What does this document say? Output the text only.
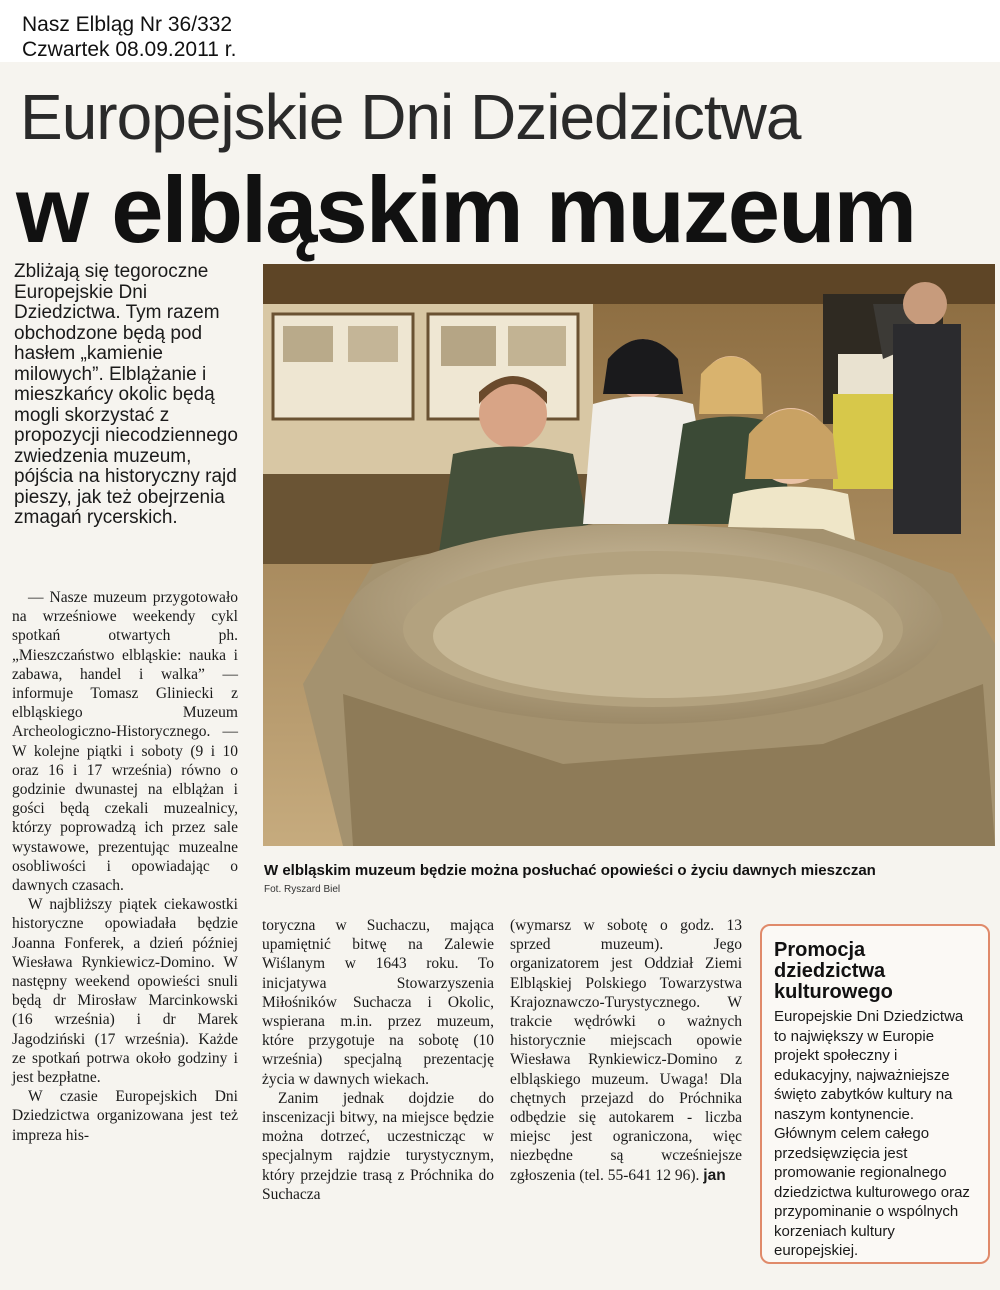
Nasz Elbląg Nr 36/332
Czwartek 08.09.2011 r.
Europejskie Dni Dziedzictwa
w elbląskim muzeum
Zbliżają się tegoroczne Europejskie Dni Dziedzictwa. Tym razem obchodzone będą pod hasłem „kamienie milowych”. Elblążanie i mieszkańcy okolic będą mogli skorzystać z propozycji niecodziennego zwiedzenia muzeum, pójścia na historyczny rajd pieszy, jak też obejrzenia zmagań rycerskich.
W elbląskim muzeum będzie można posłuchać opowieści o życiu dawnych mieszczan
Fot. Ryszard Biel

— Nasze muzeum przygotowało na wrześniowe weekendy cykl spotkań otwartych ph. „Mieszczaństwo elbląskie: nauka i zabawa, handel i walka” — informuje Tomasz Gliniecki z elbląskiego Muzeum Archeologiczno-Historycznego. — W kolejne piątki i soboty (9 i 10 oraz 16 i 17 września) równo o godzinie dwunastej na elblążan i gości będą czekali muzealnicy, którzy poprowadzą ich przez sale wystawowe, prezentując muzealne osobliwości i opowiadając o dawnych czasach.

W najbliższy piątek ciekawostki historyczne opowiadała będzie Joanna Fonferek, a dzień później Wiesława Rynkiewicz-Domino. W następny weekend opowieści snuli będą dr Mirosław Marcinkowski (16 września) i dr Marek Jagodziński (17 września). Każde ze spotkań potrwa około godziny i jest bezpłatne.

W czasie Europejskich Dni Dziedzictwa organizowana jest też impreza his-

toryczna w Suchaczu, mająca upamiętnić bitwę na Zalewie Wiślanym w 1643 roku. To inicjatywa Stowarzyszenia Miłośników Suchacza i Okolic, wspierana m.in. przez muzeum, które przygotuje na sobotę (10 września) specjalną prezentację życia w dawnych wiekach.

Zanim jednak dojdzie do inscenizacji bitwy, na miejsce będzie można dotrzeć, uczestnicząc w specjalnym rajdzie turystycznym, który przejdzie trasą z Próchnika do Suchacza

(wymarsz w sobotę o godz. 13 sprzed muzeum). Jego organizatorem jest Oddział Ziemi Elbląskiej Polskiego Towarzystwa Krajoznawczo-Turystycznego. W trakcie wędrówki o ważnych historycznie miejscach opowie Wiesława Rynkiewicz-Domino z elbląskiego muzeum. Uwaga! Dla chętnych przejazd do Próchnika odbędzie się autokarem - liczba miejsc jest ograniczona, więc niezbędne są wcześniejsze zgłoszenia (tel. 55-641 12 96). jan

Promocja dziedzictwa kulturowego
Europejskie Dni Dziedzictwa to największy w Europie projekt społeczny i edukacyjny, najważniejsze święto zabytków kultury na naszym kontynencie. Głównym celem całego przedsięwzięcia jest promowanie regionalnego dziedzictwa kulturowego oraz przypominanie o wspólnych korzeniach kultury europejskiej.
